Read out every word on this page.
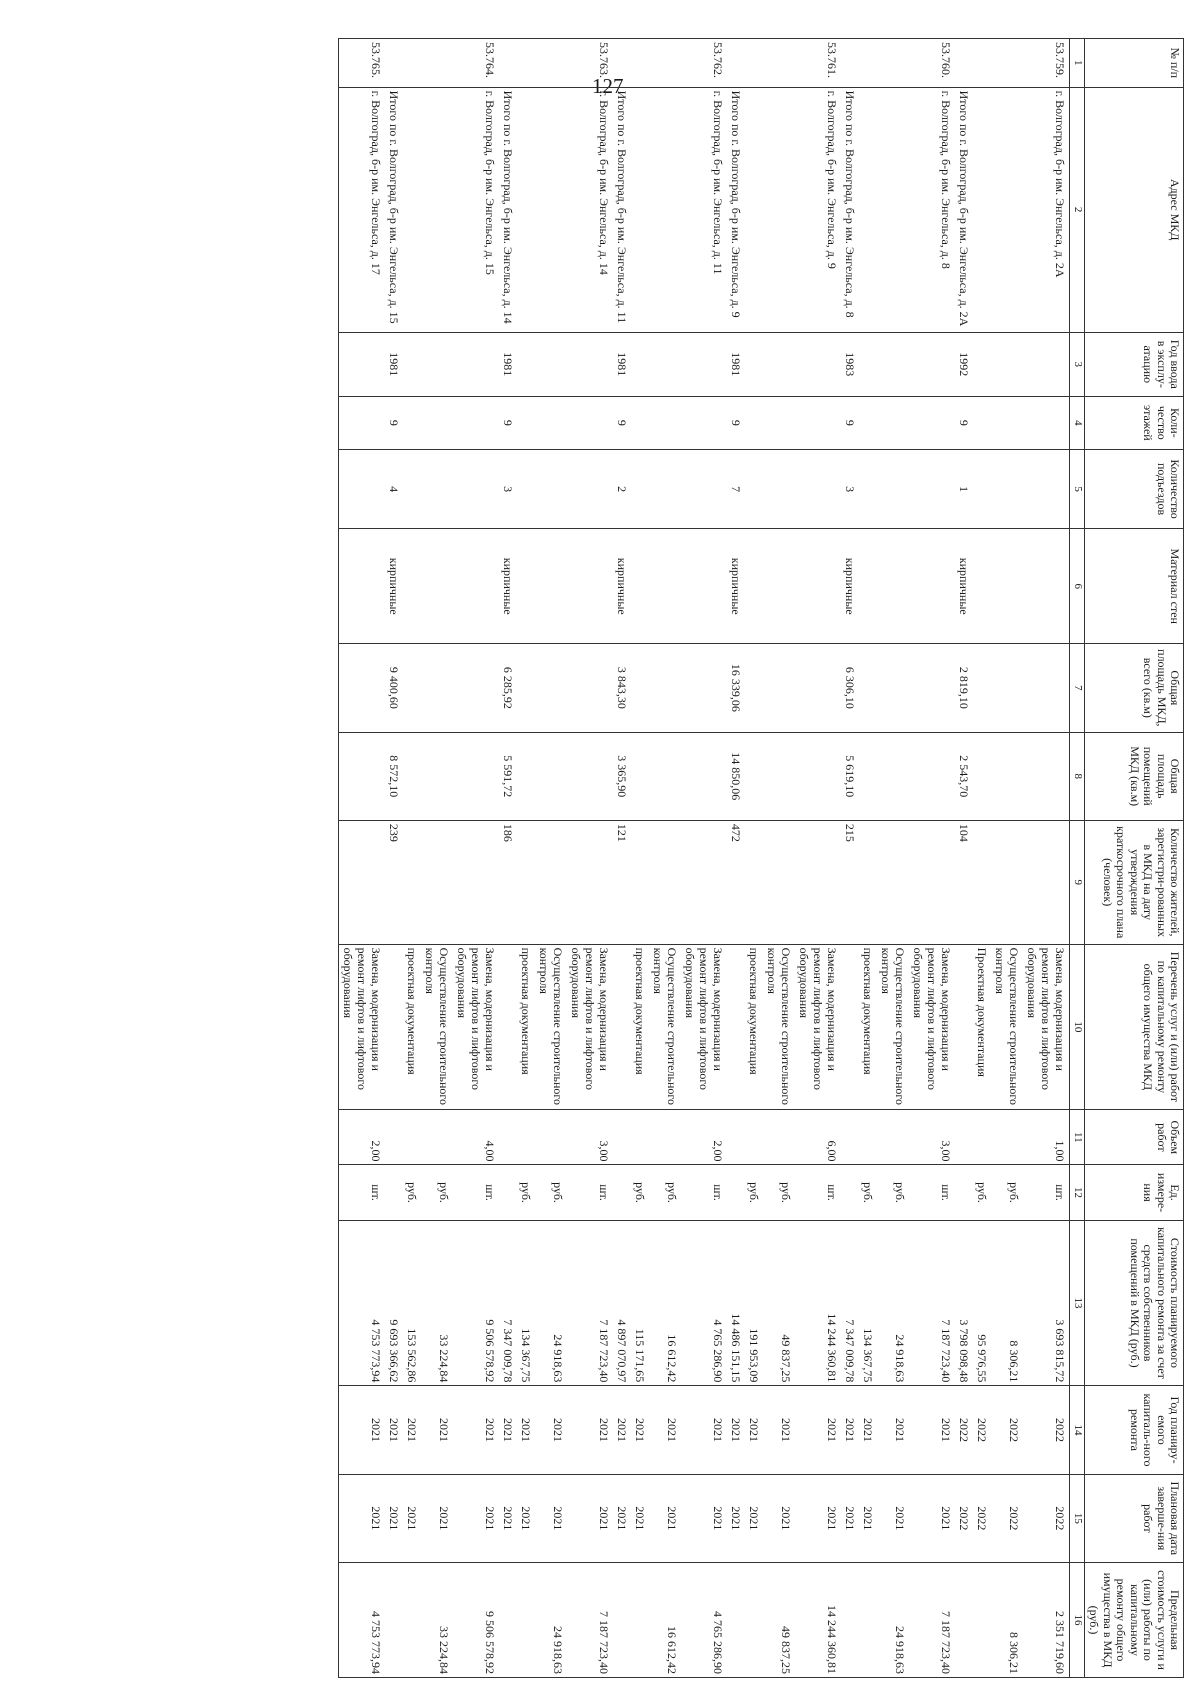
127
№ п/п	Адрес МКД	Год ввода в эксплу-атацию	Коли-чество этажей	Количество подъездов	Материал стен	Общая площадь МКД, всего (кв.м)	Общая площадь помещений МКД (кв.м)	Количество жителей, зарегистри-рованных в МКД на дату утверждения краткосрочного плана (человек)	Перечень услуг и (или) работ по капитальному ремонту общего имущества МКД	Объем работ	Ед. измере-ния	Стоимость планируемого капитального ремонта за счет средств собственников помещений в МКД (руб.)	Год планиру-емого капиталь-ного ремонта	Плановая дата заверше-ния работ	Предельная стоимость услуги и (или) работы по капитальному ремонту общего имущества в МКД (руб.)
1	2	3	4	5	6	7	8	9	10	11	12	13	14	15	16
53.759.	г. Волгоград, б-р им. Энгельса, д. 2А								Замена, модернизация и ремонт лифтов и лифтового оборудования	1,00	шт.	3 693 815,72	2022	2022	2 351 719,60
									Осуществление строительного контроля		руб.	8 306,21	2022	2022	8 306,21
									Проектная документация		руб.	95 976,55	2022	2022	
	Итого по г. Волгоград, б-р им. Энгельса, д. 2А	1992	9	1	кирпичные	2 819,10	2 543,70	104				3 798 098,48	2022	2022	
53.760.	г. Волгоград, б-р им. Энгельса, д. 8								Замена, модернизация и ремонт лифтов и лифтового оборудования	3,00	шт.	7 187 723,40	2021	2021	7 187 723,40
									Осуществление строительного контроля		руб.	24 918,63	2021	2021	24 918,63
									проектная документация		руб.	134 367,75	2021	2021	
	Итого по г. Волгоград, б-р им. Энгельса, д. 8	1983	9	3	кирпичные	6 306,10	5 619,10	215				7 347 009,78	2021	2021	
53.761.	г. Волгоград, б-р им. Энгельса, д. 9								Замена, модернизация и ремонт лифтов и лифтового оборудования	6,00	шт.	14 244 360,81	2021	2021	14 244 360,81
									Осуществление строительного контроля		руб.	49 837,25	2021	2021	49 837,25
									проектная документация		руб.	191 953,09	2021	2021	
	Итого по г. Волгоград, б-р им. Энгельса, д. 9	1981	9	7	кирпичные	16 339,06	14 850,06	472				14 486 151,15	2021	2021	
53.762.	г. Волгоград, б-р им. Энгельса, д. 11								Замена, модернизация и ремонт лифтов и лифтового оборудования	2,00	шт.	4 765 286,90	2021	2021	4 765 286,90
									Осуществление строительного контроля		руб.	16 612,42	2021	2021	16 612,42
									проектная документация		руб.	115 171,65	2021	2021	
	Итого по г. Волгоград, б-р им. Энгельса, д. 11	1981	9	2	кирпичные	3 843,30	3 365,90	121				4 897 070,97	2021	2021	
53.763.	г. Волгоград, б-р им. Энгельса, д. 14								Замена, модернизация и ремонт лифтов и лифтового оборудования	3,00	шт.	7 187 723,40	2021	2021	7 187 723,40
									Осуществление строительного контроля		руб.	24 918,63	2021	2021	24 918,63
									проектная документация		руб.	134 367,75	2021	2021	
	Итого по г. Волгоград, б-р им. Энгельса, д. 14	1981	9	3	кирпичные	6 285,92	5 591,72	186				7 347 009,78	2021	2021	
53.764.	г. Волгоград, б-р им. Энгельса, д. 15								Замена, модернизация и ремонт лифтов и лифтового оборудования	4,00	шт.	9 506 578,92	2021	2021	9 506 578,92
									Осуществление строительного контроля		руб.	33 224,84	2021	2021	33 224,84
									проектная документация		руб.	153 562,86	2021	2021	
	Итого по г. Волгоград, б-р им. Энгельса, д. 15	1981	9	4	кирпичные	9 400,60	8 572,10	239				9 693 366,62	2021	2021	
53.765.	г. Волгоград, б-р им. Энгельса, д. 17								Замена, модернизация и ремонт лифтов и лифтового оборудования	2,00	шт.	4 753 773,94	2021	2021	4 753 773,94
